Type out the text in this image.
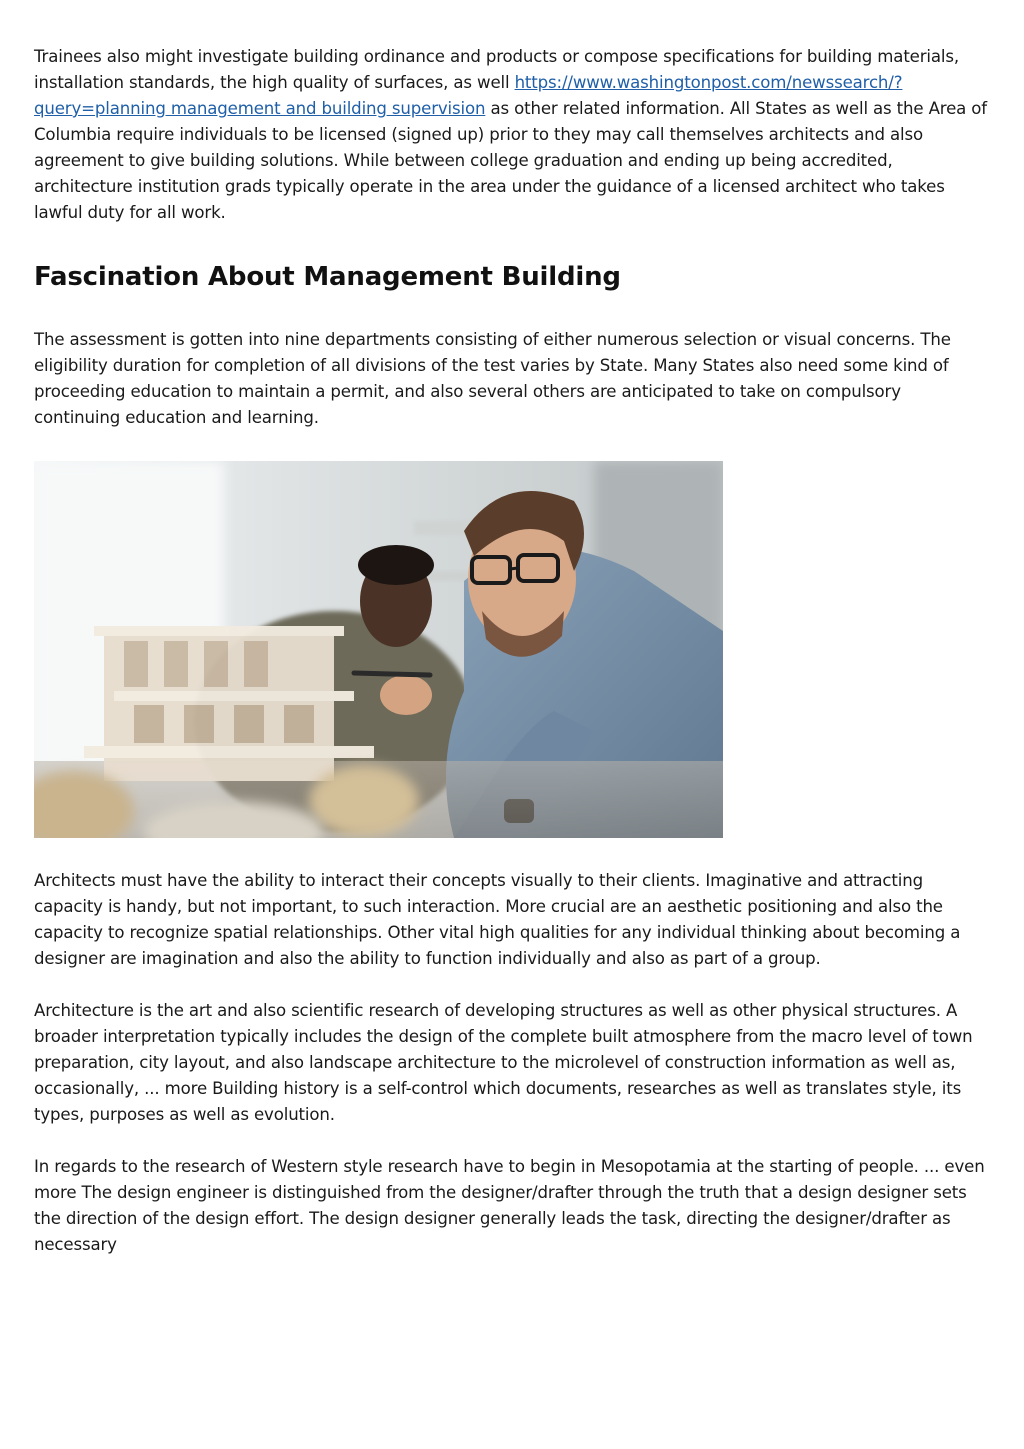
Trainees also might investigate building ordinance and products or compose specifications for building materials, installation standards, the high quality of surfaces, as well https://www.washingtonpost.com/newssearch/?query=planning management and building supervision as other related information. All States as well as the Area of Columbia require individuals to be licensed (signed up) prior to they may call themselves architects and also agreement to give building solutions. While between college graduation and ending up being accredited, architecture institution grads typically operate in the area under the guidance of a licensed architect who takes lawful duty for all work.

Fascination About Management Building

The assessment is gotten into nine departments consisting of either numerous selection or visual concerns. The eligibility duration for completion of all divisions of the test varies by State. Many States also need some kind of proceeding education to maintain a permit, and also several others are anticipated to take on compulsory continuing education and learning.

Architects must have the ability to interact their concepts visually to their clients. Imaginative and attracting capacity is handy, but not important, to such interaction. More crucial are an aesthetic positioning and also the capacity to recognize spatial relationships. Other vital high qualities for any individual thinking about becoming a designer are imagination and also the ability to function individually and also as part of a group.

Architecture is the art and also scientific research of developing structures as well as other physical structures. A broader interpretation typically includes the design of the complete built atmosphere from the macro level of town preparation, city layout, and also landscape architecture to the microlevel of construction information as well as, occasionally, ... more Building history is a self-control which documents, researches as well as translates style, its types, purposes as well as evolution.

In regards to the research of Western style research have to begin in Mesopotamia at the starting of people. ... even more The design engineer is distinguished from the designer/drafter through the truth that a design designer sets the direction of the design effort. The design designer generally leads the task, directing the designer/drafter as necessary
